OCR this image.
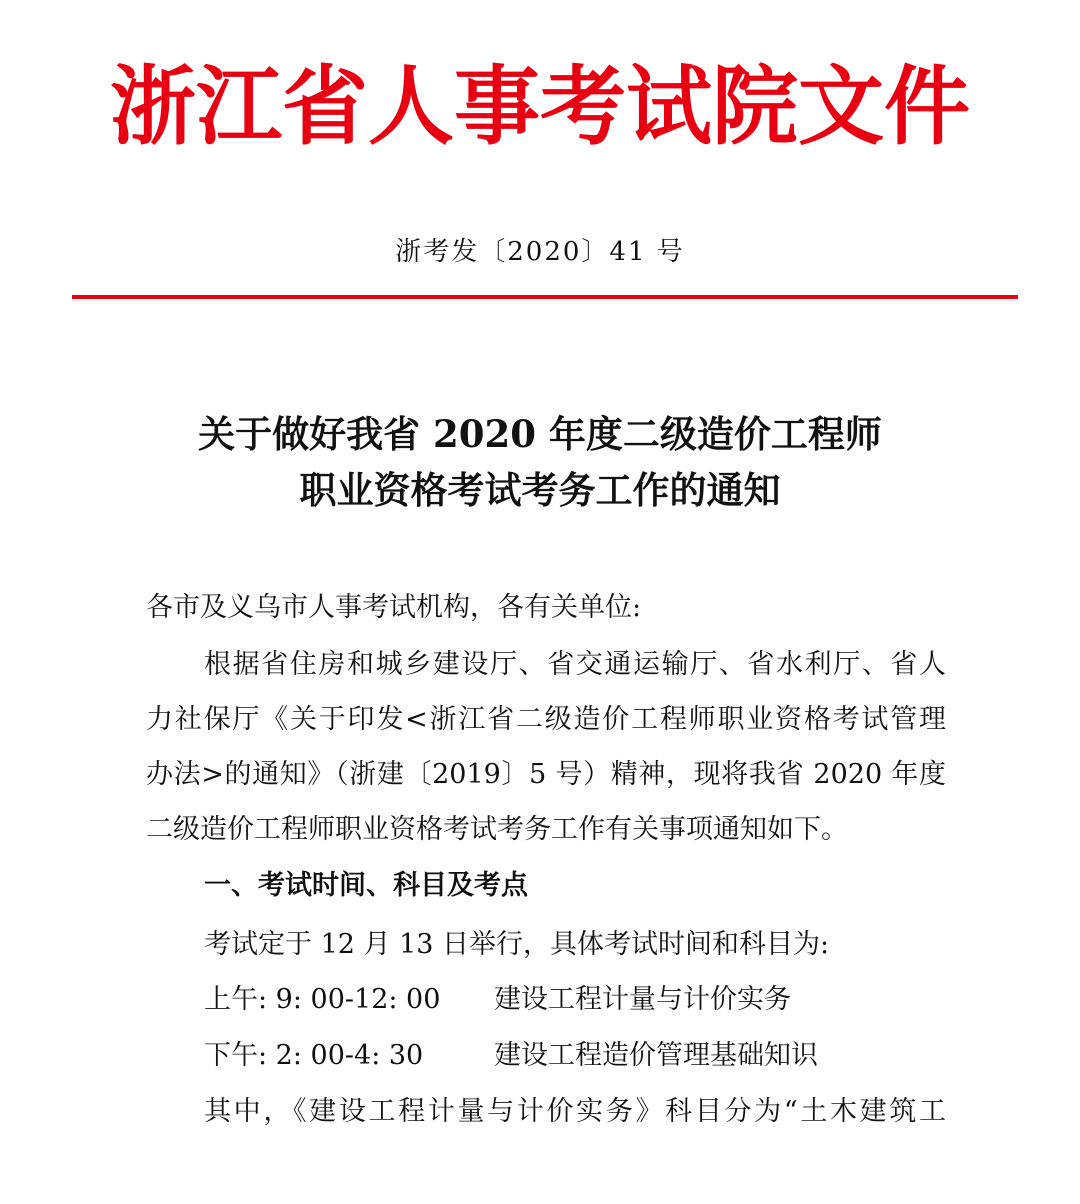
浙江省人事考试院文件
浙考发〔2020〕41 号
关于做好我省 2020 年度二级造价工程师
职业资格考试考务工作的通知
各市及义乌市人事考试机构，各有关单位:
根据省住房和城乡建设厅、省交通运输厅、省水利厅、省人
力社保厅《关于印发<浙江省二级造价工程师职业资格考试管理
办法>的通知》（浙建〔2019〕5 号）精神，现将我省 2020 年度
二级造价工程师职业资格考试考务工作有关事项通知如下。
一、考试时间、科目及考点
考试定于 12 月 13 日举行，具体考试时间和科目为:
上午: 9: 00-12: 00 建设工程计量与计价实务
下午: 2: 00-4: 30	建设工程造价管理基础知识
其中，《建设工程计量与计价实务》科目分为“土木建筑工
